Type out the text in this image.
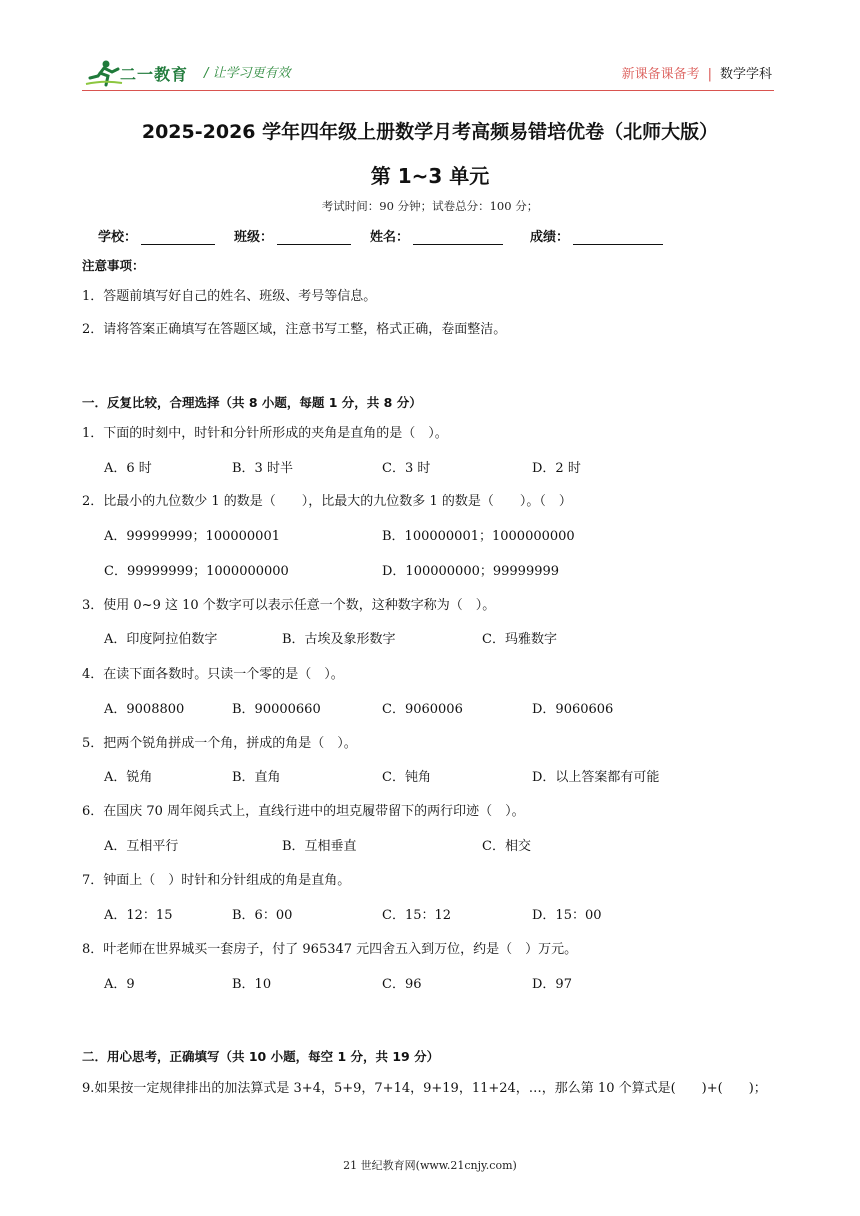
二一教育 / 让学习更有效	新课备课备考 | 数学学科
2025-2026 学年四年级上册数学月考高频易错培优卷（北师大版）
第 1~3 单元
考试时间：90 分钟；试卷总分：100 分；
学校：	班级：	姓名：	成绩：
注意事项：
1．答题前填写好自己的姓名、班级、考号等信息。
2．请将答案正确填写在答题区域，注意书写工整，格式正确，卷面整洁。
一．反复比较，合理选择（共 8 小题，每题 1 分，共 8 分）
1．下面的时刻中，时针和分针所形成的夹角是直角的是（　）。
A．6 时	B．3 时半	C．3 时	D．2 时
2．比最小的九位数少 1 的数是（　　），比最大的九位数多 1 的数是（　　）。（　）
A．99999999；100000001	B．100000001；1000000000
C．99999999；1000000000	D．100000000；99999999
3．使用 0~9 这 10 个数字可以表示任意一个数，这种数字称为（　）。
A．印度阿拉伯数字	B．古埃及象形数字	C．玛雅数字
4．在读下面各数时。只读一个零的是（　）。
A．9008800	B．90000660	C．9060006	D．9060606
5．把两个锐角拼成一个角，拼成的角是（　）。
A．锐角	B．直角	C．钝角	D．以上答案都有可能
6．在国庆 70 周年阅兵式上，直线行进中的坦克履带留下的两行印迹（　）。
A．互相平行	B．互相垂直	C．相交
7．钟面上（　）时针和分针组成的角是直角。
A．12：15	B．6：00	C．15：12	D．15：00
8．叶老师在世界城买一套房子，付了 965347 元四舍五入到万位，约是（　）万元。
A．9	B．10	C．96	D．97
二．用心思考，正确填写（共 10 小题，每空 1 分，共 19 分）
9.如果按一定规律排出的加法算式是 3+4，5+9，7+14，9+19，11+24，…，那么第 10 个算式是(　　)+(　　)；
21 世纪教育网(www.21cnjy.com)
